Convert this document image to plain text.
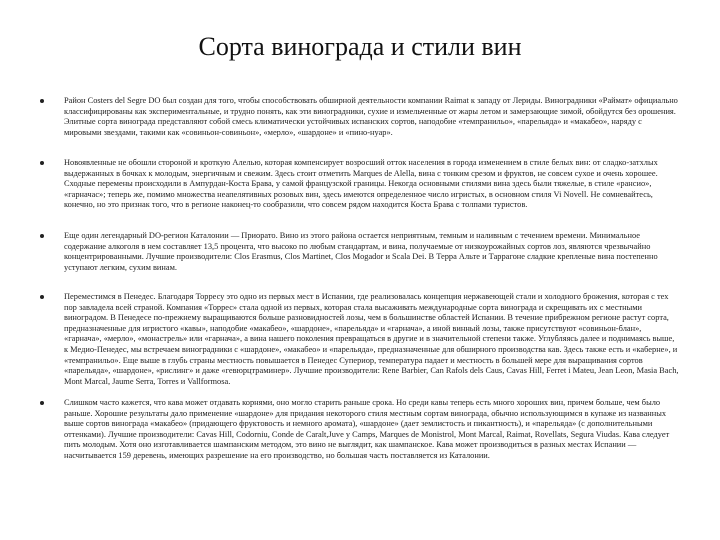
Сорта винограда и стили вин

Район Costers del Segre DO был создан для того, чтобы способствовать обширной деятельности компании Raimat к западу от Лериды. Виноградники «Раймат» официально классифицированы как экспериментальные, и трудно понять, как эти виноградники, сухие и измельченные от жары летом и замерзающие зимой, обойдутся без орошения. Элитные сорта винограда представляют собой смесь климатически устойчивых испанских сортов, наподобие «темпранильо», «парельяда» и «макабео», наряду с мировыми звездами, такими как «совиньон-совиньон», «мерло», «шардоне» и «пино-нуар».

Новоявленные не обошли стороной и кроткую Алелью, которая компенсирует возросший отток населения в города изменением в стиле белых вин: от сладко-затхлых выдержанных в бочках к молодым, энергичным и свежим. Здесь стоит отметить Marques de Alella, вина с тонким срезом и фруктов, не совсем сухое и очень хорошее. Сходные перемены происходили в Ампурдан-Коста Брава, у самой французской границы. Некогда основными стилями вина здесь были тяжелые, в стиле «рансио», «гарначас»; теперь же, помимо множества неапелятивных розовых вин, здесь имеются определенное число игристых, в основном стиля Vi Novell. Не сомневайтесь, конечно, но это признак того, что в регионе наконец-то сообразили, что совсем рядом находится Коста Брава с толпами туристов.

Еще один легендарный DO-регион Каталонии — Приорато. Вино из этого района остается неприятным, темным и наливным с течением времени. Минимальное содержание алкоголя в нем составляет 13,5 процента, что высоко по любым стандартам, и вина, получаемые от низкоурожайных сортов лоз, являются чрезвычайно концентрированными. Лучшие производители: Clos Erasmus, Clos Martinet, Clos Mogador и Scala Dei. В Терра Альте и Таррагоне сладкие крепленые вина постепенно уступают легким, сухим винам.

Переместимся в Пенедес. Благодаря Торресу это одно из первых мест в Испании, где реализовалась концепция нержавеющей стали и холодного брожения, которая с тех пор завладела всей страной. Компания «Торрес» стала одной из первых, которая стала высаживать международные сорта винограда и скрещивать их с местными виноградом. В Пенедесе по-прежнему выращиваются больше разновидностей лозы, чем в большинстве областей Испании. В течение прибрежном регионе растут сорта, предназначенные для игристого «кавы», наподобие «макабео», «шардоне», «парельяда» и «гарнача», а иной винный лозы, также присутствуют «совиньон-блан», «гарнача», «мерло», «монастрель» или «гарнача», а вина нашего поколения превращаться в другие и в значительной степени также. Углубляясь далее и поднимаясь выше, к Медио-Пенедес, мы встречаем виноградники с «шардоне», «макабео» и «парельяда», предназначенные для обширного производства кав. Здесь также есть и «каберне», и «темпранильо». Еще выше в глубь страны местность повышается в Пенедес Супериор, температура падает и местность в большей мере для выращивания сортов «парельяда», «шардоне», «рислинг» и даже «гевюрцтраминер». Лучшие производители: Rene Barbier, Can Rafols dels Caus, Cavas Hill, Ferret i Mateu, Jean Leon, Masia Bach, Mont Marcal, Jaume Serra, Torres и Vallformosa.

Слишком часто кажется, что кава может отдавать корнями, оно могло старить раньше срока. Но среди кавы теперь есть много хороших вин, причем больше, чем было раньше. Хорошие результаты дало применение «шардоне» для придания некоторого стиля местным сортам винограда, обычно использующимся в купаже из названных выше сортов винограда «макабео» (придающего фруктовость и немного аромата), «шардоне» (дает землистость и пикантность), и «парельяда» (с дополнительными оттенками). Лучшие производители: Cavas Hill, Codorniu, Conde de Caralt,Juve y Camps, Marques de Monistrol, Mont Marcal, Raimat, Rovellats, Segura Viudas. Кава следует пить молодым. Хотя оно изготавливается шампанским методом, это вино не выглядит, как шампанское. Кава может производиться в разных местах Испании — насчитывается 159 деревень, имеющих разрешение на его производство, но большая часть поставляется из Каталонии.
